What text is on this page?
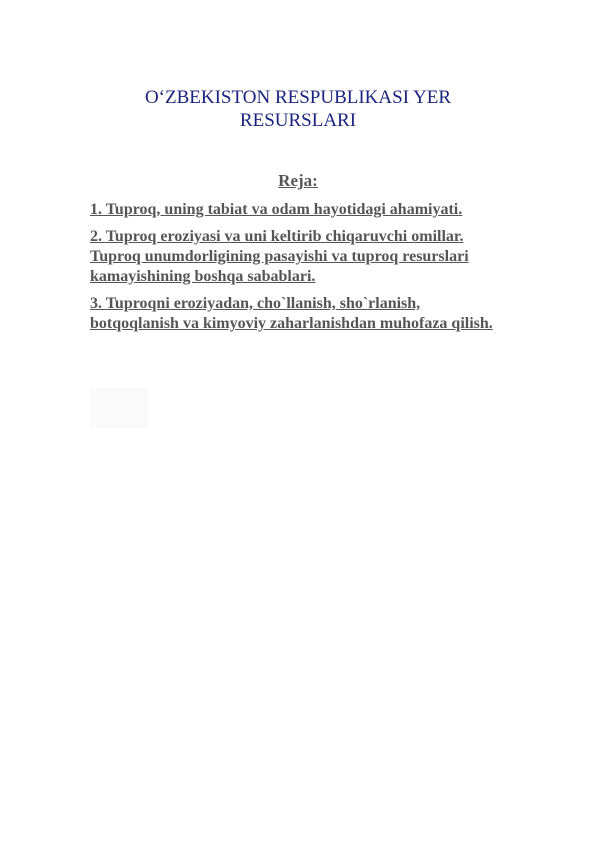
O‘ZBEKISTON RESPUBLIKASI YER
RESURSLARI

Reja:

1. Tuproq, uning tabiat va odam hayotidagi ahamiyati.
2. Tuproq eroziyasi va uni keltirib chiqaruvchi omillar. Tuproq unumdorligining pasayishi va tuproq resurslari kamayishining boshqa sabablari.
3. Tuproqni eroziyadan, cho`llanish, sho`rlanish, botqoqlanish va kimyoviy zaharlanishdan muhofaza qilish.
